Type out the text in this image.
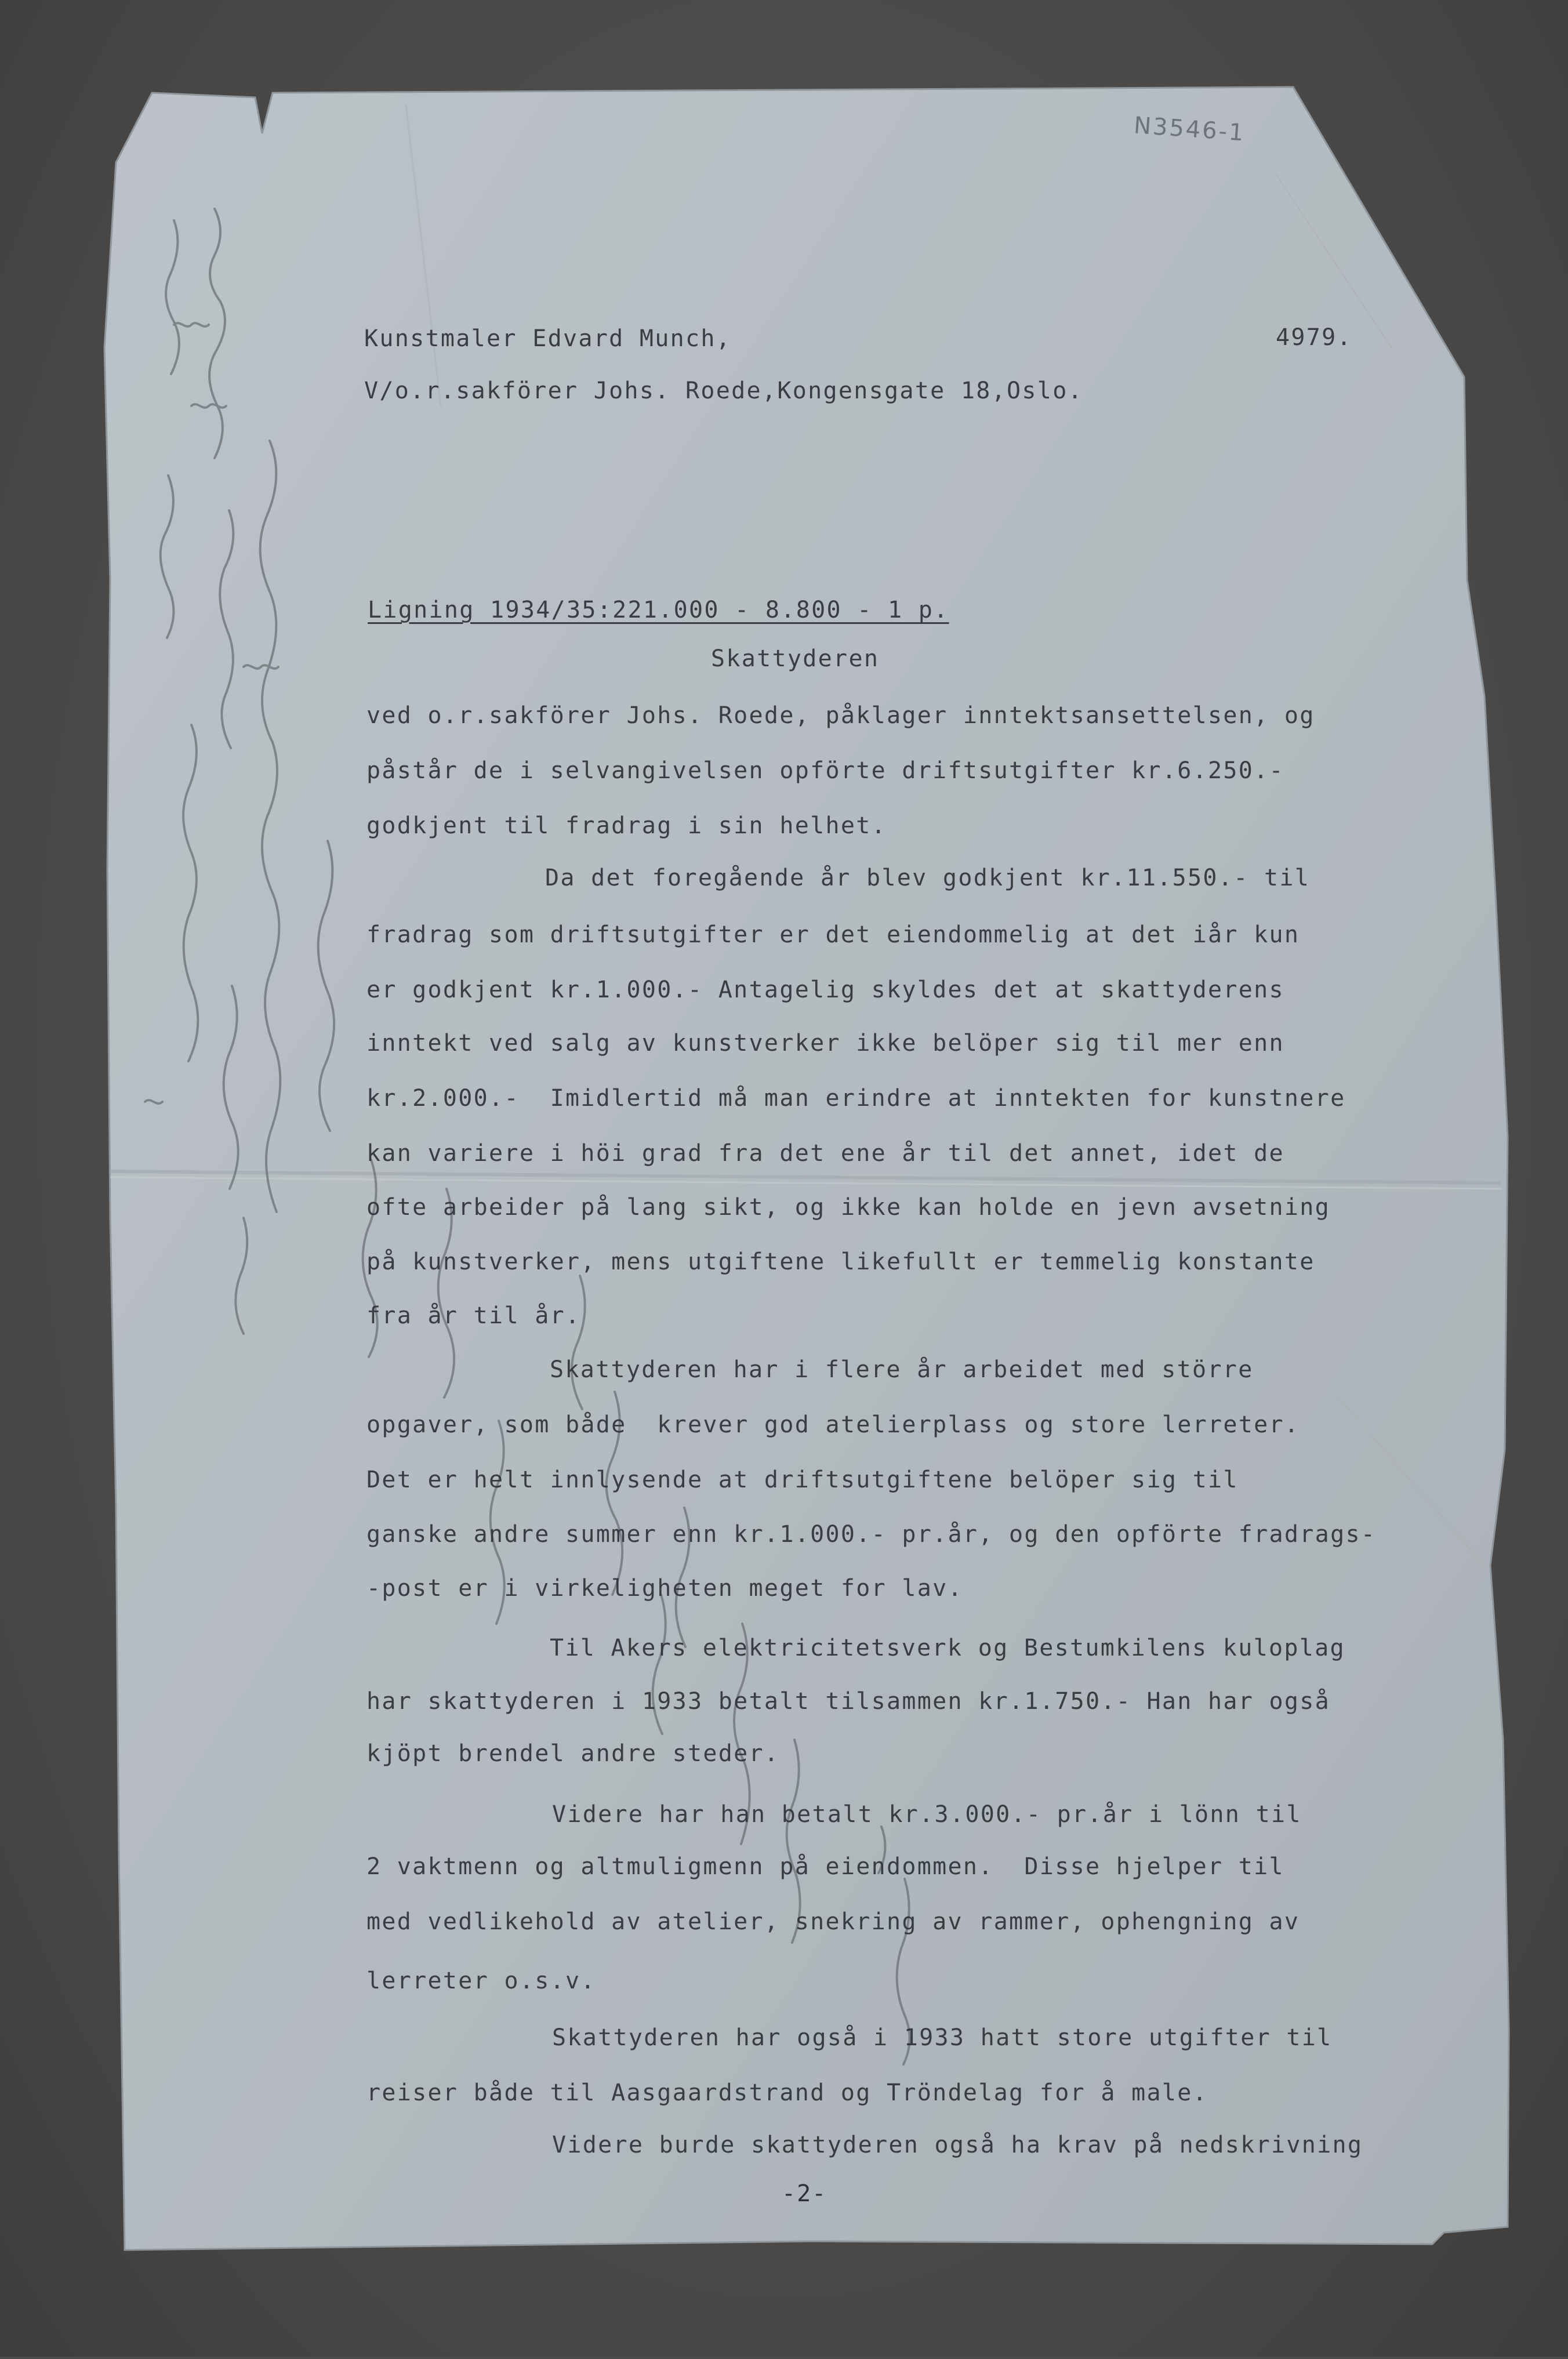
N3546-1
Kunstmaler Edvard Munch,	4979.
V/o.r.sakförer Johs. Roede,Kongensgate 18,Oslo.
Ligning 1934/35:221.000 - 8.800 - 1 p.
Skattyderen
ved o.r.sakförer Johs. Roede, påklager inntektsansettelsen, og
påstår de i selvangivelsen opförte driftsutgifter kr.6.250.-
godkjent til fradrag i sin helhet.
Da det foregående år blev godkjent kr.11.550.- til
fradrag som driftsutgifter er det eiendommelig at det iår kun
er godkjent kr.1.000.- Antagelig skyldes det at skattyderens
inntekt ved salg av kunstverker ikke belöper sig til mer enn
kr.2.000.-  Imidlertid må man erindre at inntekten for kunstnere
kan variere i höi grad fra det ene år til det annet, idet de
ofte arbeider på lang sikt, og ikke kan holde en jevn avsetning
på kunstverker, mens utgiftene likefullt er temmelig konstante
fra år til år.
Skattyderen har i flere år arbeidet med större
opgaver, som både  krever god atelierplass og store lerreter.
Det er helt innlysende at driftsutgiftene belöper sig til
ganske andre summer enn kr.1.000.- pr.år, og den opförte fradrags-
-post er i virkeligheten meget for lav.
Til Akers elektricitetsverk og Bestumkilens kuloplag
har skattyderen i 1933 betalt tilsammen kr.1.750.- Han har også
kjöpt brendel andre steder.
Videre har han betalt kr.3.000.- pr.år i lönn til
2 vaktmenn og altmuligmenn på eiendommen.  Disse hjelper til
med vedlikehold av atelier, snekring av rammer, ophengning av
lerreter o.s.v.
Skattyderen har også i 1933 hatt store utgifter til
reiser både til Aasgaardstrand og Tröndelag for å male.
Videre burde skattyderen også ha krav på nedskrivning
-2-
